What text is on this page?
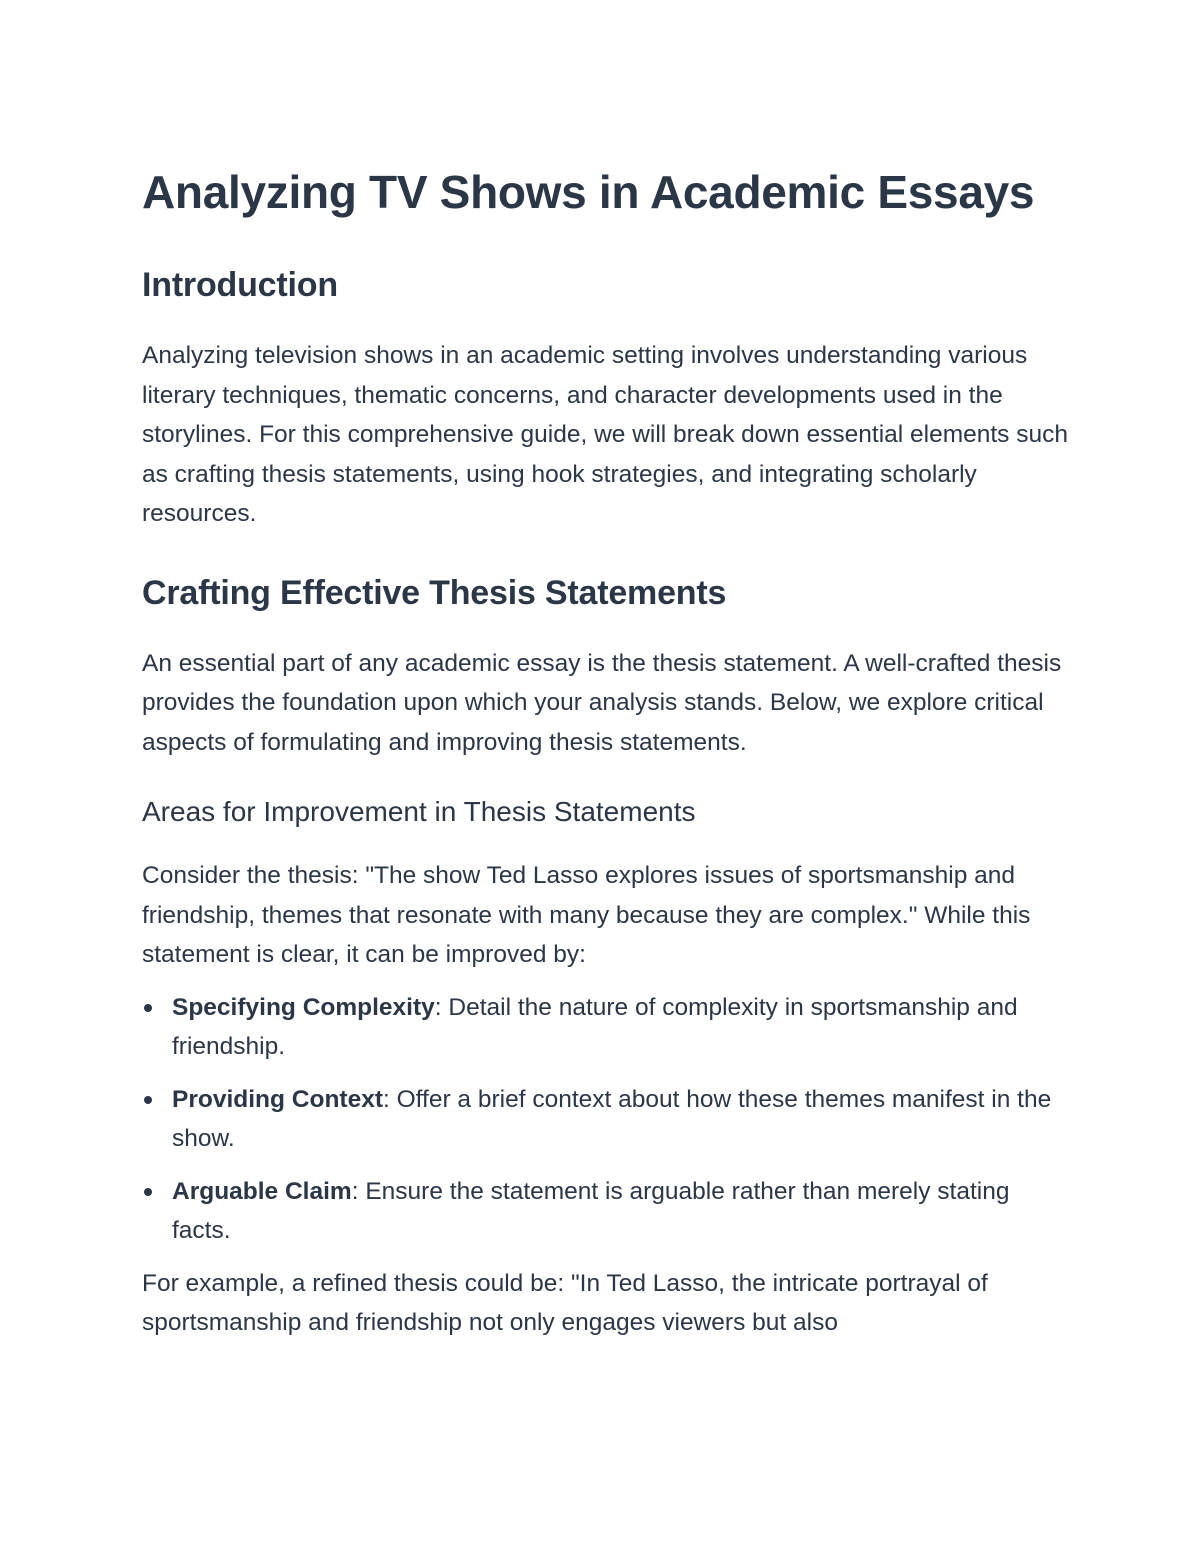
Analyzing TV Shows in Academic Essays
Introduction

Analyzing television shows in an academic setting involves understanding various literary techniques, thematic concerns, and character developments used in the storylines. For this comprehensive guide, we will break down essential elements such as crafting thesis statements, using hook strategies, and integrating scholarly resources.

Crafting Effective Thesis Statements

An essential part of any academic essay is the thesis statement. A well-crafted thesis provides the foundation upon which your analysis stands. Below, we explore critical aspects of formulating and improving thesis statements.

Areas for Improvement in Thesis Statements

Consider the thesis: "The show Ted Lasso explores issues of sportsmanship and friendship, themes that resonate with many because they are complex." While this statement is clear, it can be improved by:

Specifying Complexity: Detail the nature of complexity in sportsmanship and friendship.
Providing Context: Offer a brief context about how these themes manifest in the show.
Arguable Claim: Ensure the statement is arguable rather than merely stating facts.

For example, a refined thesis could be: "In Ted Lasso, the intricate portrayal of sportsmanship and friendship not only engages viewers but also
